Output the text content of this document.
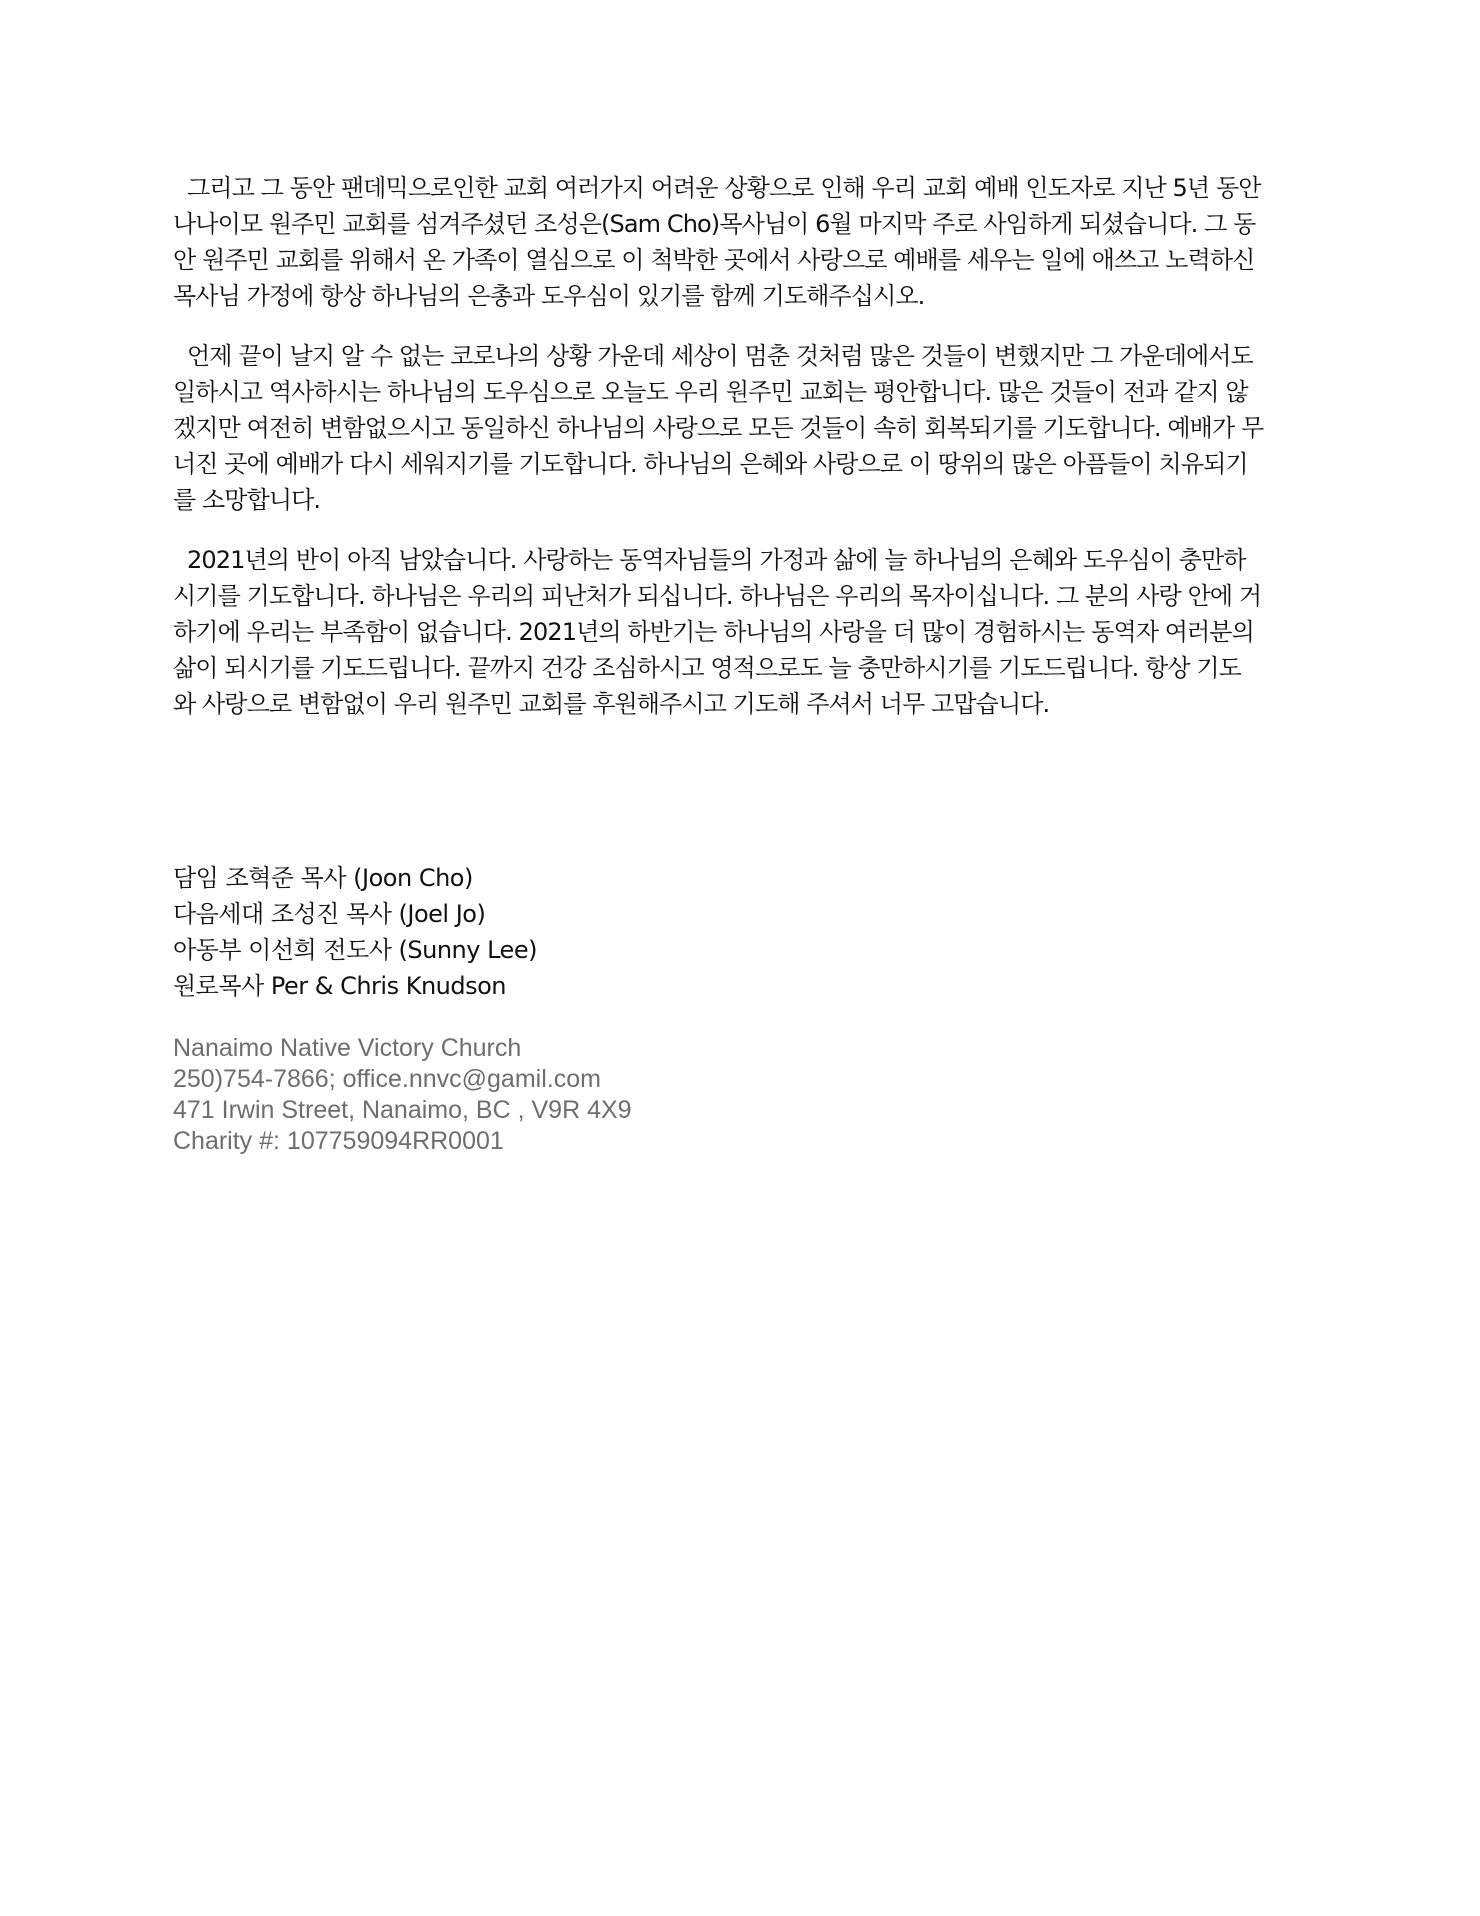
그리고 그 동안 팬데믹으로인한 교회 여러가지 어려운 상황으로 인해 우리 교회 예배 인도자로 지난 5년 동안
나나이모 원주민 교회를 섬겨주셨던 조성은(Sam Cho)목사님이 6월 마지막 주로 사임하게 되셨습니다. 그 동
안 원주민 교회를 위해서 온 가족이 열심으로 이 척박한 곳에서 사랑으로 예배를 세우는 일에 애쓰고 노력하신
목사님 가정에 항상 하나님의 은총과 도우심이 있기를 함께 기도해주십시오.

언제 끝이 날지 알 수 없는 코로나의 상황 가운데 세상이 멈춘 것처럼 많은 것들이 변했지만 그 가운데에서도
일하시고 역사하시는 하나님의 도우심으로 오늘도 우리 원주민 교회는 평안합니다. 많은 것들이 전과 같지 않
겠지만 여전히 변함없으시고 동일하신 하나님의 사랑으로 모든 것들이 속히 회복되기를 기도합니다. 예배가 무
너진 곳에 예배가 다시 세워지기를 기도합니다. 하나님의 은혜와 사랑으로 이 땅위의 많은 아픔들이 치유되기
를 소망합니다.

2021년의 반이 아직 남았습니다. 사랑하는 동역자님들의 가정과 삶에 늘 하나님의 은혜와 도우심이 충만하
시기를 기도합니다. 하나님은 우리의 피난처가 되십니다. 하나님은 우리의 목자이십니다. 그 분의 사랑 안에 거
하기에 우리는 부족함이 없습니다. 2021년의 하반기는 하나님의 사랑을 더 많이 경험하시는 동역자 여러분의
삶이 되시기를 기도드립니다. 끝까지 건강 조심하시고 영적으로도 늘 충만하시기를 기도드립니다. 항상 기도
와 사랑으로 변함없이 우리 원주민 교회를 후원해주시고 기도해 주셔서 너무 고맙습니다.

담임 조혁준 목사 (Joon Cho)
다음세대 조성진 목사 (Joel Jo)
아동부 이선희 전도사 (Sunny Lee)
원로목사 Per & Chris Knudson
Nanaimo Native Victory Church
250)754-7866; office.nnvc@gamil.com
471 Irwin Street, Nanaimo, BC , V9R 4X9
Charity #: 107759094RR0001
